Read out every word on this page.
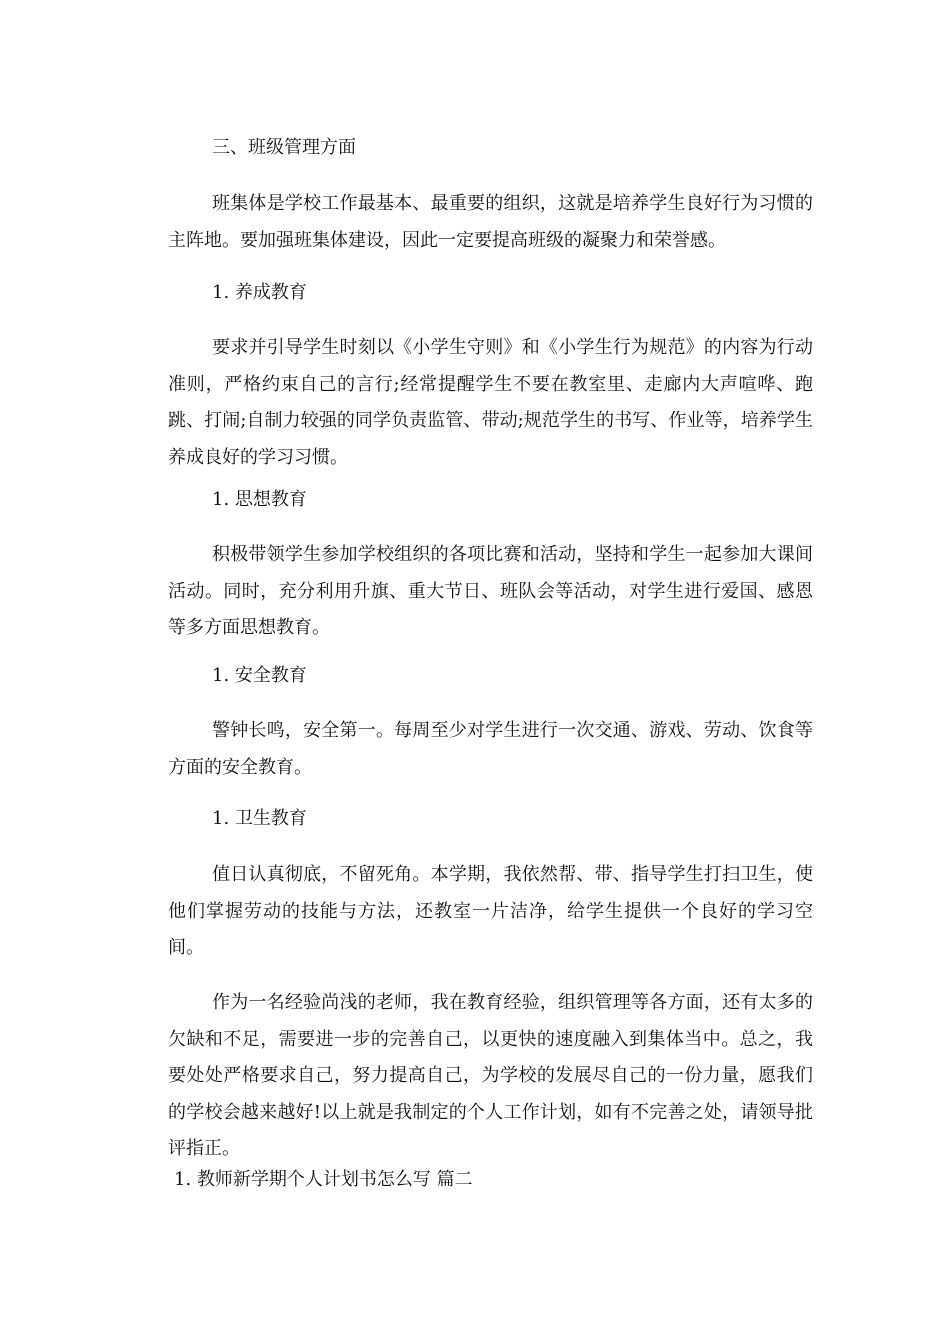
三、班级管理方面

班集体是学校工作最基本、最重要的组织，这就是培养学生良好行为习惯的主阵地。要加强班集体建设，因此一定要提高班级的凝聚力和荣誉感。

1. 养成教育

要求并引导学生时刻以《小学生守则》和《小学生行为规范》的内容为行动准则，严格约束自己的言行;经常提醒学生不要在教室里、走廊内大声喧哗、跑跳、打闹;自制力较强的同学负责监管、带动;规范学生的书写、作业等，培养学生养成良好的学习习惯。

1. 思想教育

积极带领学生参加学校组织的各项比赛和活动，坚持和学生一起参加大课间活动。同时，充分利用升旗、重大节日、班队会等活动，对学生进行爱国、感恩等多方面思想教育。

1. 安全教育

警钟长鸣，安全第一。每周至少对学生进行一次交通、游戏、劳动、饮食等方面的安全教育。

1. 卫生教育

值日认真彻底，不留死角。本学期，我依然帮、带、指导学生打扫卫生，使他们掌握劳动的技能与方法，还教室一片洁净，给学生提供一个良好的学习空间。

作为一名经验尚浅的老师，我在教育经验，组织管理等各方面，还有太多的欠缺和不足，需要进一步的完善自己，以更快的速度融入到集体当中。总之，我要处处严格要求自己，努力提高自己，为学校的发展尽自己的一份力量，愿我们的学校会越来越好!以上就是我制定的个人工作计划，如有不完善之处，请领导批评指正。

1. 教师新学期个人计划书怎么写 篇二
